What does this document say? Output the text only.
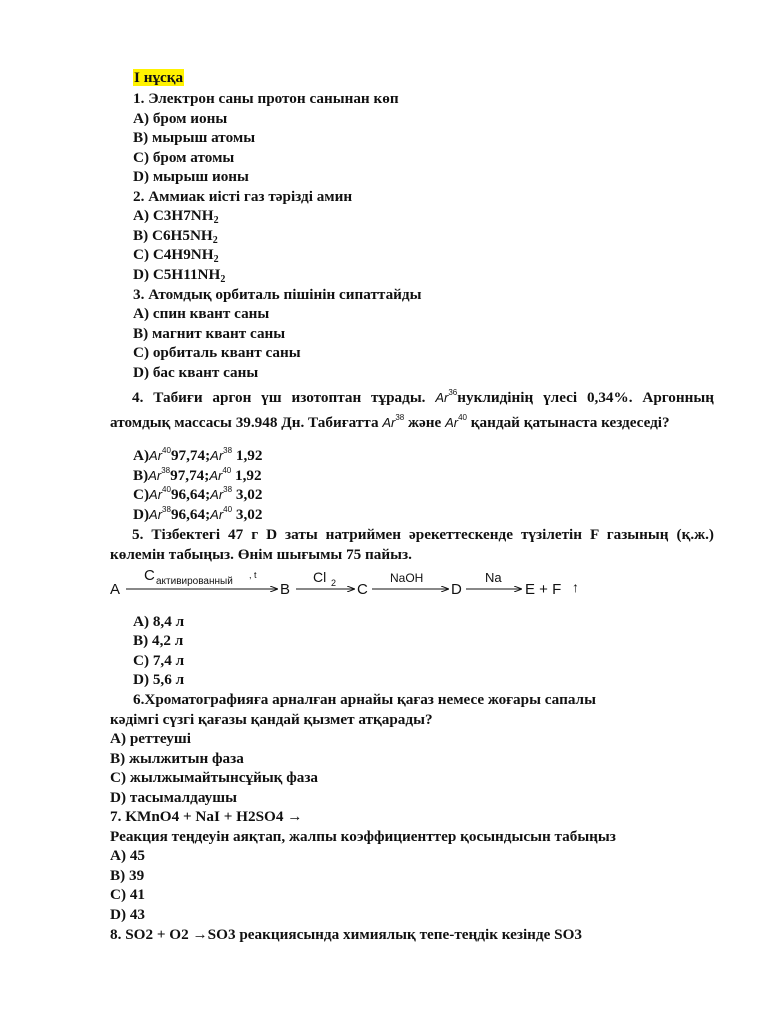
І нұсқа
1. Электрон саны протон санынан көп
А) бром ионы
В) мырыш атомы
С) бром атомы
D) мырыш ионы
2. Аммиак иісті газ тәрізді амин
А) $C3H7NH_2$
В) $C6H5NH_2$
С) $C4H9NH_2$
D) $C5H11NH_2$
3. Атомдық орбиталь пішінін сипаттайды
А) спин квант саны
В) магнит квант саны
С) орбиталь квант саны
D) бас квант саны
4. Табиғи аргон үш изотоптан тұрады. Ar$^{36}$нуклидінің үлесі 0,34%. Аргонның атомдық массасы 39.948 Дн. Табиғатта Ar$^{38}$ және Ar$^{40}$ қандай қатынаста кездеседі?
А)Ar$^{40}$97,74;Ar$^{38}$ 1,92
В)Ar$^{38}$97,74;Ar$^{40}$ 1,92
С)Ar$^{40}$96,64;Ar$^{38}$ 3,02
D)Ar$^{38}$96,64;Ar$^{40}$ 3,02
5. Тізбектегі 47 г D заты натриймен әрекеттескенде түзілетін F газының (қ.ж.) көлемін табыңыз. Өнім шығымы 75 пайыз.
A
C активированный
, t
B
Cl 2 C
NaOH
D
Na
E + F ↑
А) 8,4 л
В) 4,2 л
С) 7,4 л
D) 5,6 л
6.Хроматографияға арналған арнайы қағаз немесе жоғары сапалы
кәдімгі сүзгі қағазы қандай қызмет атқарады?
А) реттеуші
В) жылжитын фаза
С) жылжымайтынсұйық фаза
D) тасымалдаушы
7. KMnO4 + NaI + H2SO4 →
Реакция теңдеуін аяқтап, жалпы коэффициенттер қосындысын табыңыз
А) 45
В) 39
С) 41
D) 43
8. SO2 + O2 →SO3 реакциясында химиялық тепе-теңдік кезінде SO3
